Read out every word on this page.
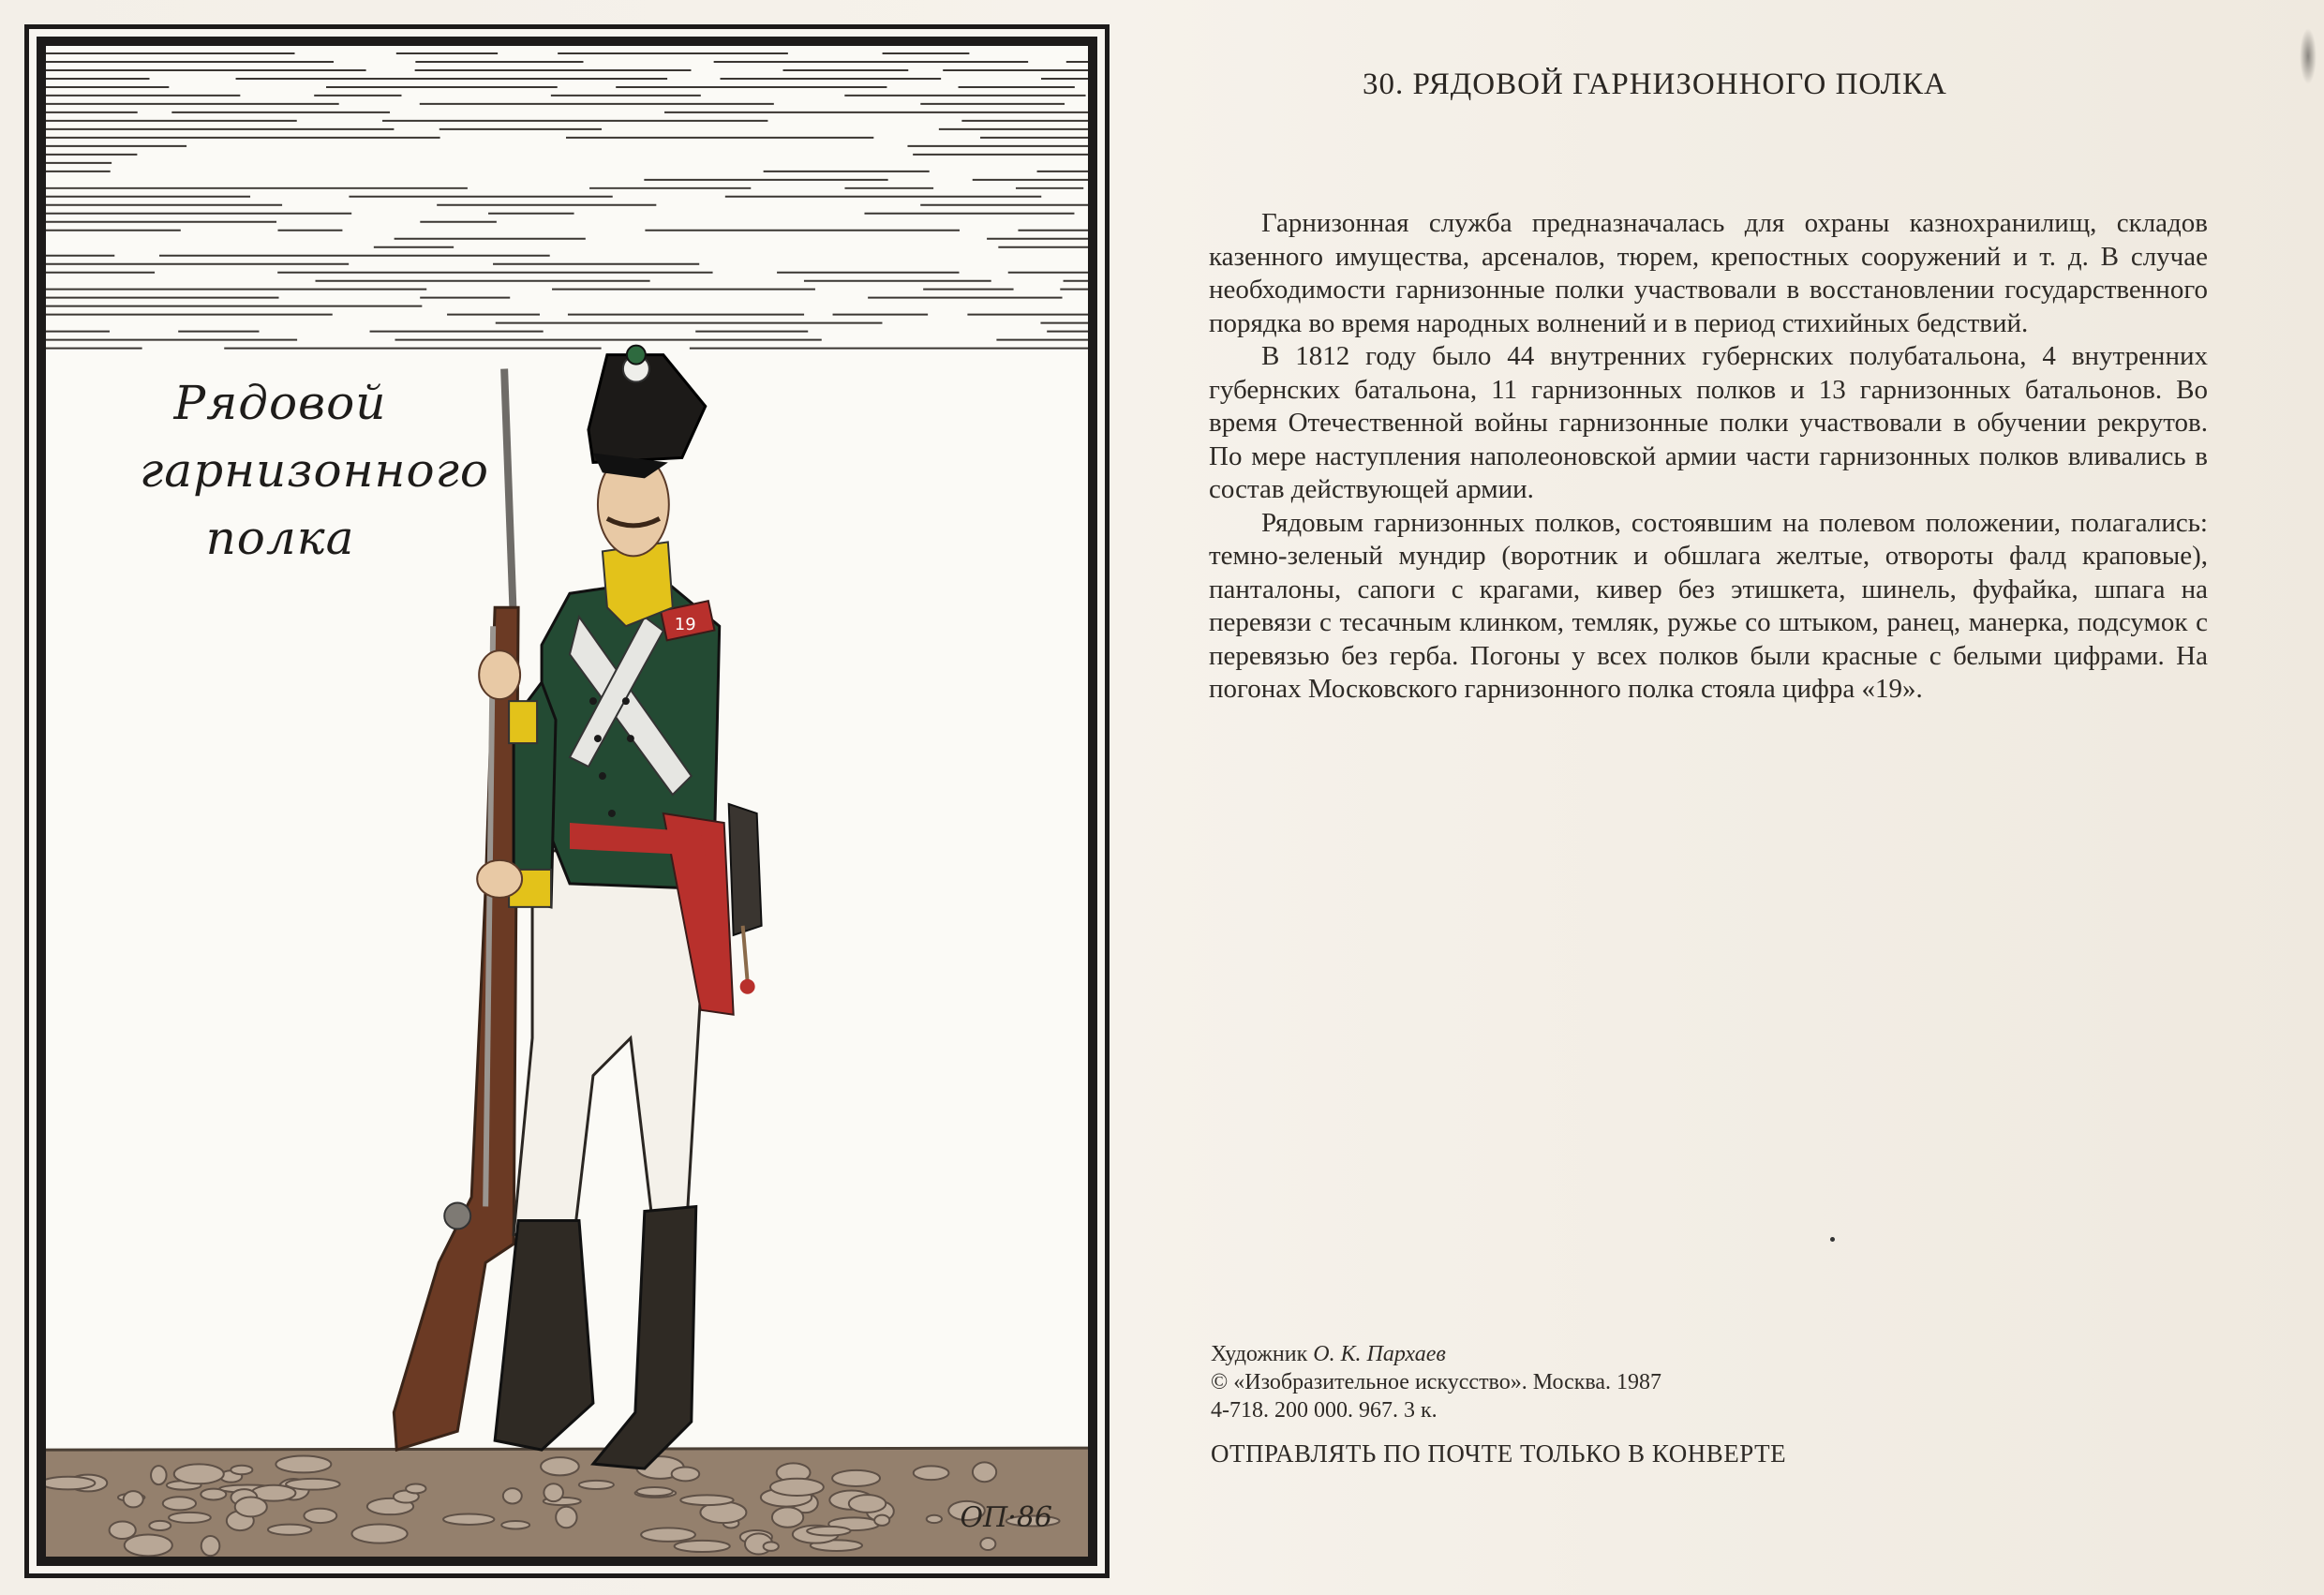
19
Рядовой
гарнизонного
полка
ОП·86
30. РЯДОВОЙ ГАРНИЗОННОГО ПОЛКА

Гарнизонная служба предназначалась для охраны казнохранилищ, складов казенного имущества, арсеналов, тюрем, крепостных сооружений и т. д. В случае необходимости гарнизонные полки участвовали в восстановлении государственного порядка во время народных волнений и в период стихийных бедствий.

В 1812 году было 44 внутренних губернских полубатальона, 4 внутренних губернских батальона, 11 гарнизонных полков и 13 гарнизонных батальонов. Во время Отечественной войны гарнизонные полки участвовали в обучении рекрутов. По мере наступления наполеоновской армии части гарнизонных полков вливались в состав действующей армии.

Рядовым гарнизонных полков, состоявшим на полевом положении, полагались: темно-зеленый мундир (воротник и обшлага желтые, отвороты фалд краповые), панталоны, сапоги с крагами, кивер без этишкета, шинель, фуфайка, шпага на перевязи с тесачным клинком, темляк, ружье со штыком, ранец, манерка, подсумок с перевязью без герба. Погоны у всех полков были красные с белыми цифрами. На погонах Московского гарнизонного полка стояла цифра «19».

Художник О. К. Пархаев
© «Изобразительное искусство». Москва. 1987
4-718. 200 000. 967. 3 к.
ОТПРАВЛЯТЬ ПО ПОЧТЕ ТОЛЬКО В КОНВЕРТЕ
